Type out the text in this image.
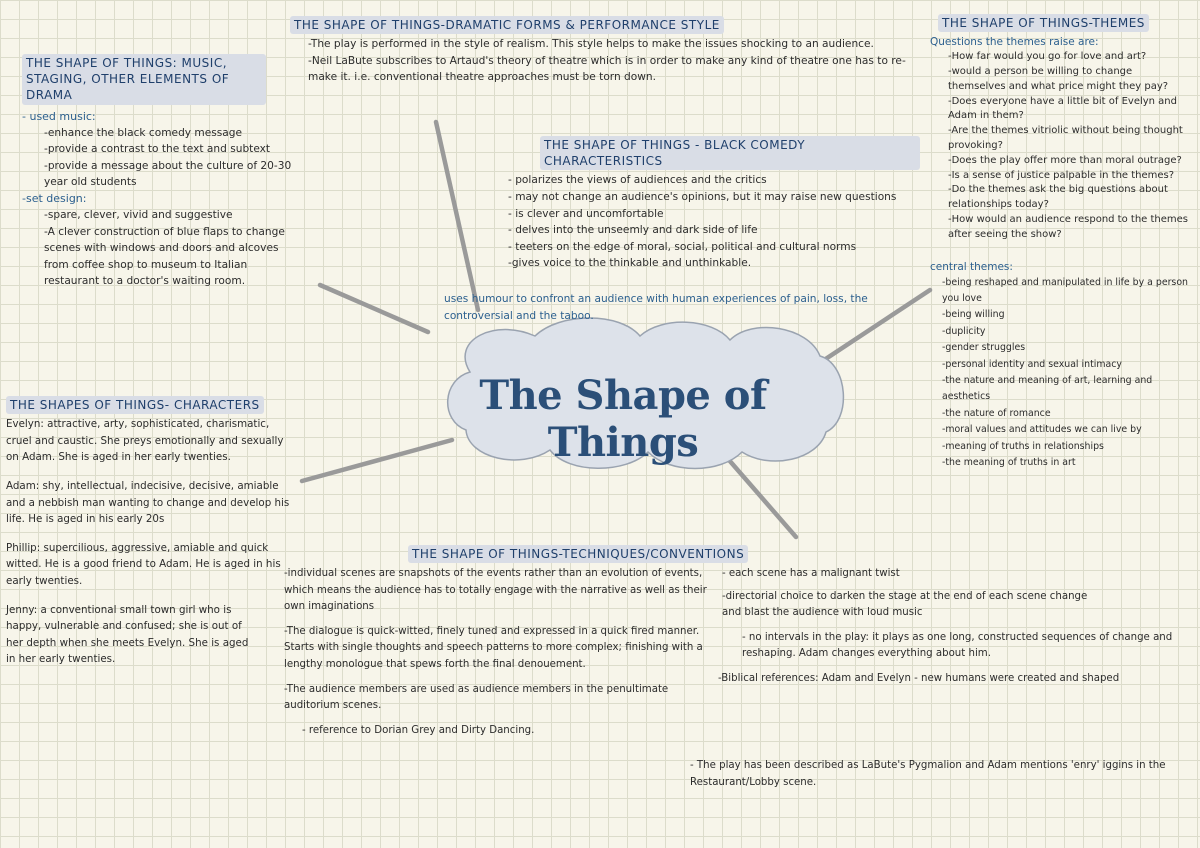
The Shape of Things
THE SHAPE OF THINGS: MUSIC, STAGING, OTHER ELEMENTS OF DRAMA

- used music:

-enhance the black comedy message
-provide a contrast to the text and subtext
-provide a message about the culture of 20-30 year old students

-set design:

-spare, clever, vivid and suggestive
-A clever construction of blue flaps to change scenes with windows and doors and alcoves from coffee shop to museum to Italian restaurant to a doctor's waiting room.
THE SHAPE OF THINGS-DRAMATIC FORMS & PERFORMANCE STYLE
-The play is performed in the style of realism. This style helps to make the issues shocking to an audience.
-Neil LaBute subscribes to Artaud's theory of theatre which is in order to make any kind of theatre one has to re-make it. i.e. conventional theatre approaches must be torn down.
THE SHAPE OF THINGS-THEMES

Questions the themes raise are:

-How far would you go for love and art?
-would a person be willing to change themselves and what price might they pay?
-Does everyone have a little bit of Evelyn and Adam in them?
-Are the themes vitriolic without being thought provoking?
-Does the play offer more than moral outrage?
-Is a sense of justice palpable in the themes?
-Do the themes ask the big questions about relationships today?
-How would an audience respond to the themes after seeing the show?

central themes:

-being reshaped and manipulated in life by a person you love
-being willing
-duplicity
-gender struggles
-personal identity and sexual intimacy
-the nature and meaning of art, learning and aesthetics
-the nature of romance
-moral values and attitudes we can live by
-meaning of truths in relationships
-the meaning of truths in art
THE SHAPE OF THINGS - BLACK COMEDY CHARACTERISTICS
- polarizes the views of audiences and the critics
- may not change an audience's opinions, but it may raise new questions
- is clever and uncomfortable
- delves into the unseemly and dark side of life
- teeters on the edge of moral, social, political and cultural norms
-gives voice to the thinkable and unthinkable.
uses humour to confront an audience with human experiences of pain, loss, the controversial and the taboo.
THE SHAPES OF THINGS- CHARACTERS

Evelyn: attractive, arty, sophisticated, charismatic, cruel and caustic. She preys emotionally and sexually on Adam. She is aged in her early twenties.

Adam: shy, intellectual, indecisive, decisive, amiable and a nebbish man wanting to change and develop his life. He is aged in his early 20s

Phillip: supercilious, aggressive, amiable and quick witted. He is a good friend to Adam. He is aged in his early twenties.

Jenny: a conventional small town girl who is happy, vulnerable and confused; she is out of her depth when she meets Evelyn. She is aged in her early twenties.

THE SHAPE OF THINGS-TECHNIQUES/CONVENTIONS

-individual scenes are snapshots of the events rather than an evolution of events, which means the audience has to totally engage with the narrative as well as their own imaginations

-The dialogue is quick-witted, finely tuned and expressed in a quick fired manner. Starts with single thoughts and speech patterns to more complex; finishing with a lengthy monologue that spews forth the final denouement.

-The audience members are used as audience members in the penultimate auditorium scenes.

- reference to Dorian Grey and Dirty Dancing.

- each scene has a malignant twist

-directorial choice to darken the stage at the end of each scene change and blast the audience with loud music

- no intervals in the play: it plays as one long, constructed sequences of change and reshaping. Adam changes everything about him.

-Biblical references: Adam and Evelyn - new humans were created and shaped

- The play has been described as LaBute's Pygmalion and Adam mentions 'enry' iggins in the Restaurant/Lobby scene.
